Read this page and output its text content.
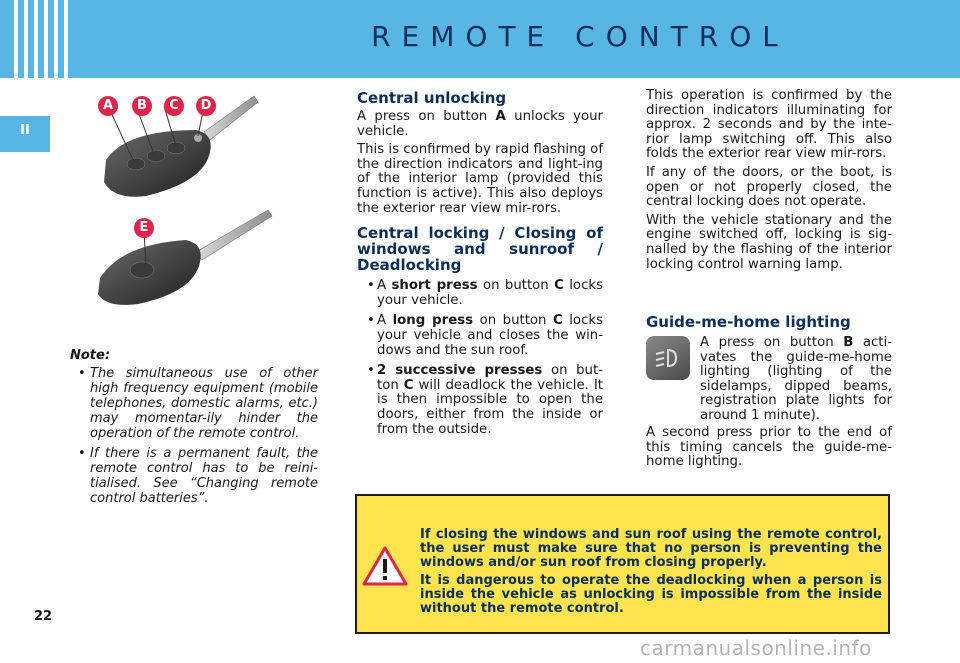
REMOTE CONTROL
II
A	B	C	D
E
Note:
• The simultaneous use of other high frequency equipment (mobile telephones, domestic alarms, etc.) may momentar-ily hinder the operation of the remote control.
• If there is a permanent fault, the remote control has to be reini-tialised. See “Changing remote control batteries”.
Central unlocking

A press on button A unlocks your vehicle.

This is confirmed by rapid flashing of the direction indicators and light-ing of the interior lamp (provided this function is active). This also deploys the exterior rear view mir-rors.

Central locking / Closing of windows and sunroof / Deadlocking
• A short press on button C locks your vehicle.
• A long press on button C locks your vehicle and closes the win-dows and the sun roof.
• 2 successive presses on but-ton C will deadlock the vehicle. It is then impossible to open the doors, either from the inside or from the outside.

This operation is confirmed by the direction indicators illuminating for approx. 2 seconds and by the inte-rior lamp switching off. This also folds the exterior rear view mir-rors.

If any of the doors, or the boot, is open or not properly closed, the central locking does not operate.

With the vehicle stationary and the engine switched off, locking is sig-nalled by the flashing of the interior locking control warning lamp.

Guide-me-home lighting
A press on button B acti-vates the guide-me-home lighting (lighting of the sidelamps, dipped beams, registration plate lights for around 1 minute).
A second press prior to the end of this timing cancels the guide-me-home lighting.

If closing the windows and sun roof using the remote control, the user must make sure that no person is preventing the windows and/or sun roof from closing properly.

It is dangerous to operate the deadlocking when a person is inside the vehicle as unlocking is impossible from the inside without the remote control.

22
carmanualsonline.info
